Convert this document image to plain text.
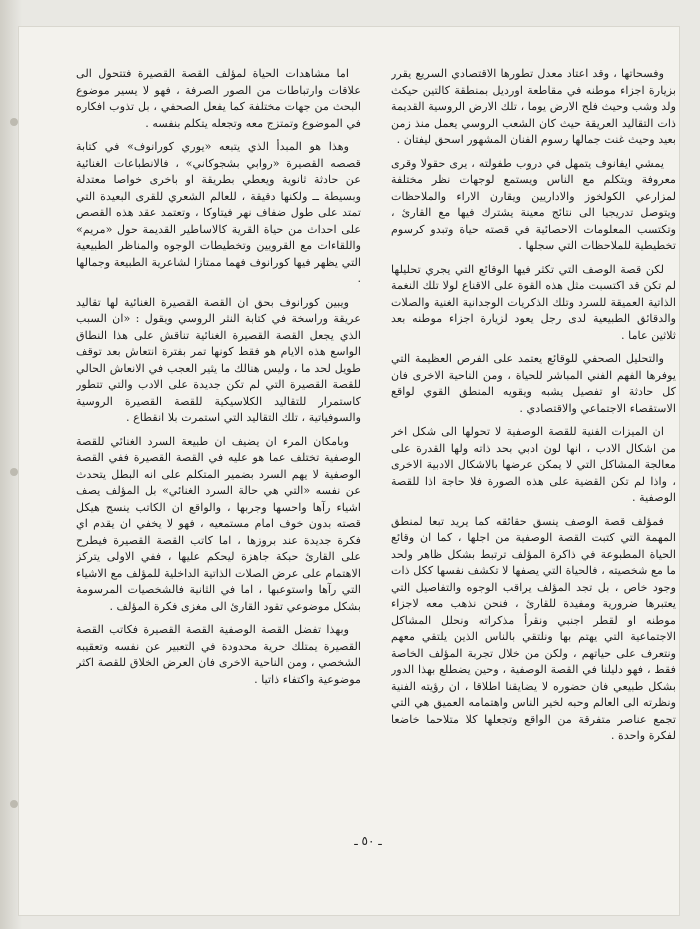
وفسحاتها ، وقد اعتاد معدل تطورها الاقتصادي السريع يقرر بزيارة اجزاء موطنه في مقاطعة اورديل بمنطقة كالتين حيكث ولد وشب وحيث فلح الارض يوما ، تلك الارض الروسية القديمة ذات التقاليد العريقة حيث كان الشعب الروسي يعمل منذ زمن بعيد وحيث غنت جمالها رسوم الفنان المشهور اسحق ليفتان .

يمشي ايفانوف يتمهل في دروب طفولته ، يرى حقولا وقرى معروفة ويتكلم مع الناس ويستمع لوجهات نظر مختلفة لمزارعي الكولخوز والاداريين ويقارن الاراء والملاحظات ويتوصل تدريجيا الى نتائج معينة يشترك فيها مع القارئ ، وتكتسب المعلومات الاحصائية في قصته حياة وتبدو كرسوم تخطيطية للملاحظات التي سجلها .

لكن قصة الوصف التي تكثر فيها الوقائع التي يجري تحليلها لم تكن قد اكتسبت مثل هذه القوة على الاقناع لولا تلك النغمة الذاتية العميقة للسرد وتلك الذكريات الوجدانية الغنية والصلات والدقائق الطبيعية لدى رجل يعود لزيارة اجزاء موطنه بعد ثلاثين عاما .

والتحليل الصحفي للوقائع يعتمد على الفرص العظيمة التي يوفرها الفهم الفني المباشر للحياة ، ومن الناحية الاخرى فان كل حادثة او تفصيل يشبه ويقويه المنطق القوي لواقع الاستقصاء الاجتماعي والاقتصادي .

ان الميزات الفنية للقصة الوصفية لا تحولها الى شكل اخر من اشكال الادب ، انها لون ادبي بحد ذاته ولها القدرة على معالجة المشاكل التي لا يمكن عرضها بالاشكال الادبية الاخرى ، واذا لم تكن القضية على هذه الصورة فلا حاجة اذا للقصة الوصفية .

فمؤلف قصة الوصف ينسق حقائقه كما يريد تبعا لمنطق المهمة التي كتبت القصة الوصفية من اجلها ، كما ان وقائع الحياة المطبوعة في ذاكرة المؤلف ترتبط بشكل ظاهر ولحد ما مع شخصيته ، فالحياة التي يصفها لا تكشف نفسها ككل ذات وجود خاص ، بل تجد المؤلف يراقب الوجوه والتفاصيل التي يعتبرها ضرورية ومفيدة للقارئ ، فنحن نذهب معه لاجزاء موطنه او لقطر اجنبي ونقرأ مذكراته ونحلل المشاكل الاجتماعية التي يهتم بها ونلتقي بالناس الذين يلتقي معهم ونتعرف على حياتهم ، ولكن من خلال تجربة المؤلف الخاصة فقط ، فهو دليلنا في القصة الوصفية ، وحين يضطلع بهذا الدور بشكل طبيعي فان حضوره لا يضايقنا اطلاقا ، ان رؤيته الفنية ونظرته الى العالم وحبه لخير الناس واهتمامه العميق هي التي تجمع عناصر متفرقة من الواقع وتجعلها كلا متلاحما خاضعا لفكرة واحدة .

اما مشاهدات الحياة لمؤلف القصة القصيرة فتتحول الى علاقات وارتباطات من الصور الصرفة ، فهو لا يسير موضوع البحث من جهات مختلفة كما يفعل الصحفي ، بل تذوب افكاره في الموضوع وتمتزج معه وتجعله يتكلم بنفسه .

وهذا هو المبدأ الذي يتبعه «يوري كورانوف» في كتابة قصصه القصيرة «روابي بشجوكاني» ، فالانطباعات الغنائية عن حادثة ثانوية ويعطي بطريقة او باخرى خواصا معتدلة وبسيطة ــ ولكنها دقيقة ، للعالم الشعري للقرى البعيدة التي تمتد على طول ضفاف نهر فيتاوكا ، وتعتمد عقد هذه القصص على احداث من حياة القرية كالاساطير القديمة حول «مريم» واللقاءات مع القرويين وتخطيطات الوجوه والمناظر الطبيعية التي يظهر فيها كورانوف فهما ممتازا لشاعرية الطبيعة وجمالها .

ويبين كورانوف بحق ان القصة القصيرة الغنائية لها تقاليد عريقة وراسخة في كتابة النثر الروسي ويقول : «ان السبب الذي يجعل القصة القصيرة الغنائية تناقش على هذا النطاق الواسع هذه الايام هو فقط كونها تمر بفترة انتعاش بعد توقف طويل لحد ما ، وليس هنالك ما يثير العجب في الانعاش الحالي للقصة القصيرة التي لم تكن جديدة على الادب والتي تتطور كاستمرار للتقاليد الكلاسيكية للقصة القصيرة الروسية والسوفياتية ، تلك التقاليد التي استمرت بلا انقطاع .

وبامكان المرء ان يضيف ان طبيعة السرد الغنائي للقصة الوصفية تختلف عما هو عليه في القصة القصيرة ففي القصة الوصفية لا يهم السرد بضمير المتكلم على انه البطل يتحدث عن نفسه «التي هي حالة السرد الغنائي» بل المؤلف يصف اشياء رآها واحسها وجربها ، والواقع ان الكاتب ينسج هيكل قصته بدون خوف امام مستمعيه ، فهو لا يخفي ان يقدم اي فكرة جديدة عند بروزها ، اما كاتب القصة القصيرة فيطرح على القارئ حبكة جاهزة ليحكم عليها ، ففي الاولى يتركز الاهتمام على عرض الصلات الذاتية الداخلية للمؤلف مع الاشياء التي رآها واستوعبها ، اما في الثانية فالشخصيات المرسومة بشكل موضوعي تقود القارئ الى مغزى فكرة المؤلف .

وبهذا تفضل القصة الوصفية القصة القصيرة فكاتب القصة القصيرة يمتلك حرية محدودة في التعبير عن نفسه وتعقيبه الشخصي ، ومن الناحية الاخرى فان العرض الخلاق للقصة اكثر موضوعية واكتفاء ذاتيا .

ـ ٥٠ ـ
